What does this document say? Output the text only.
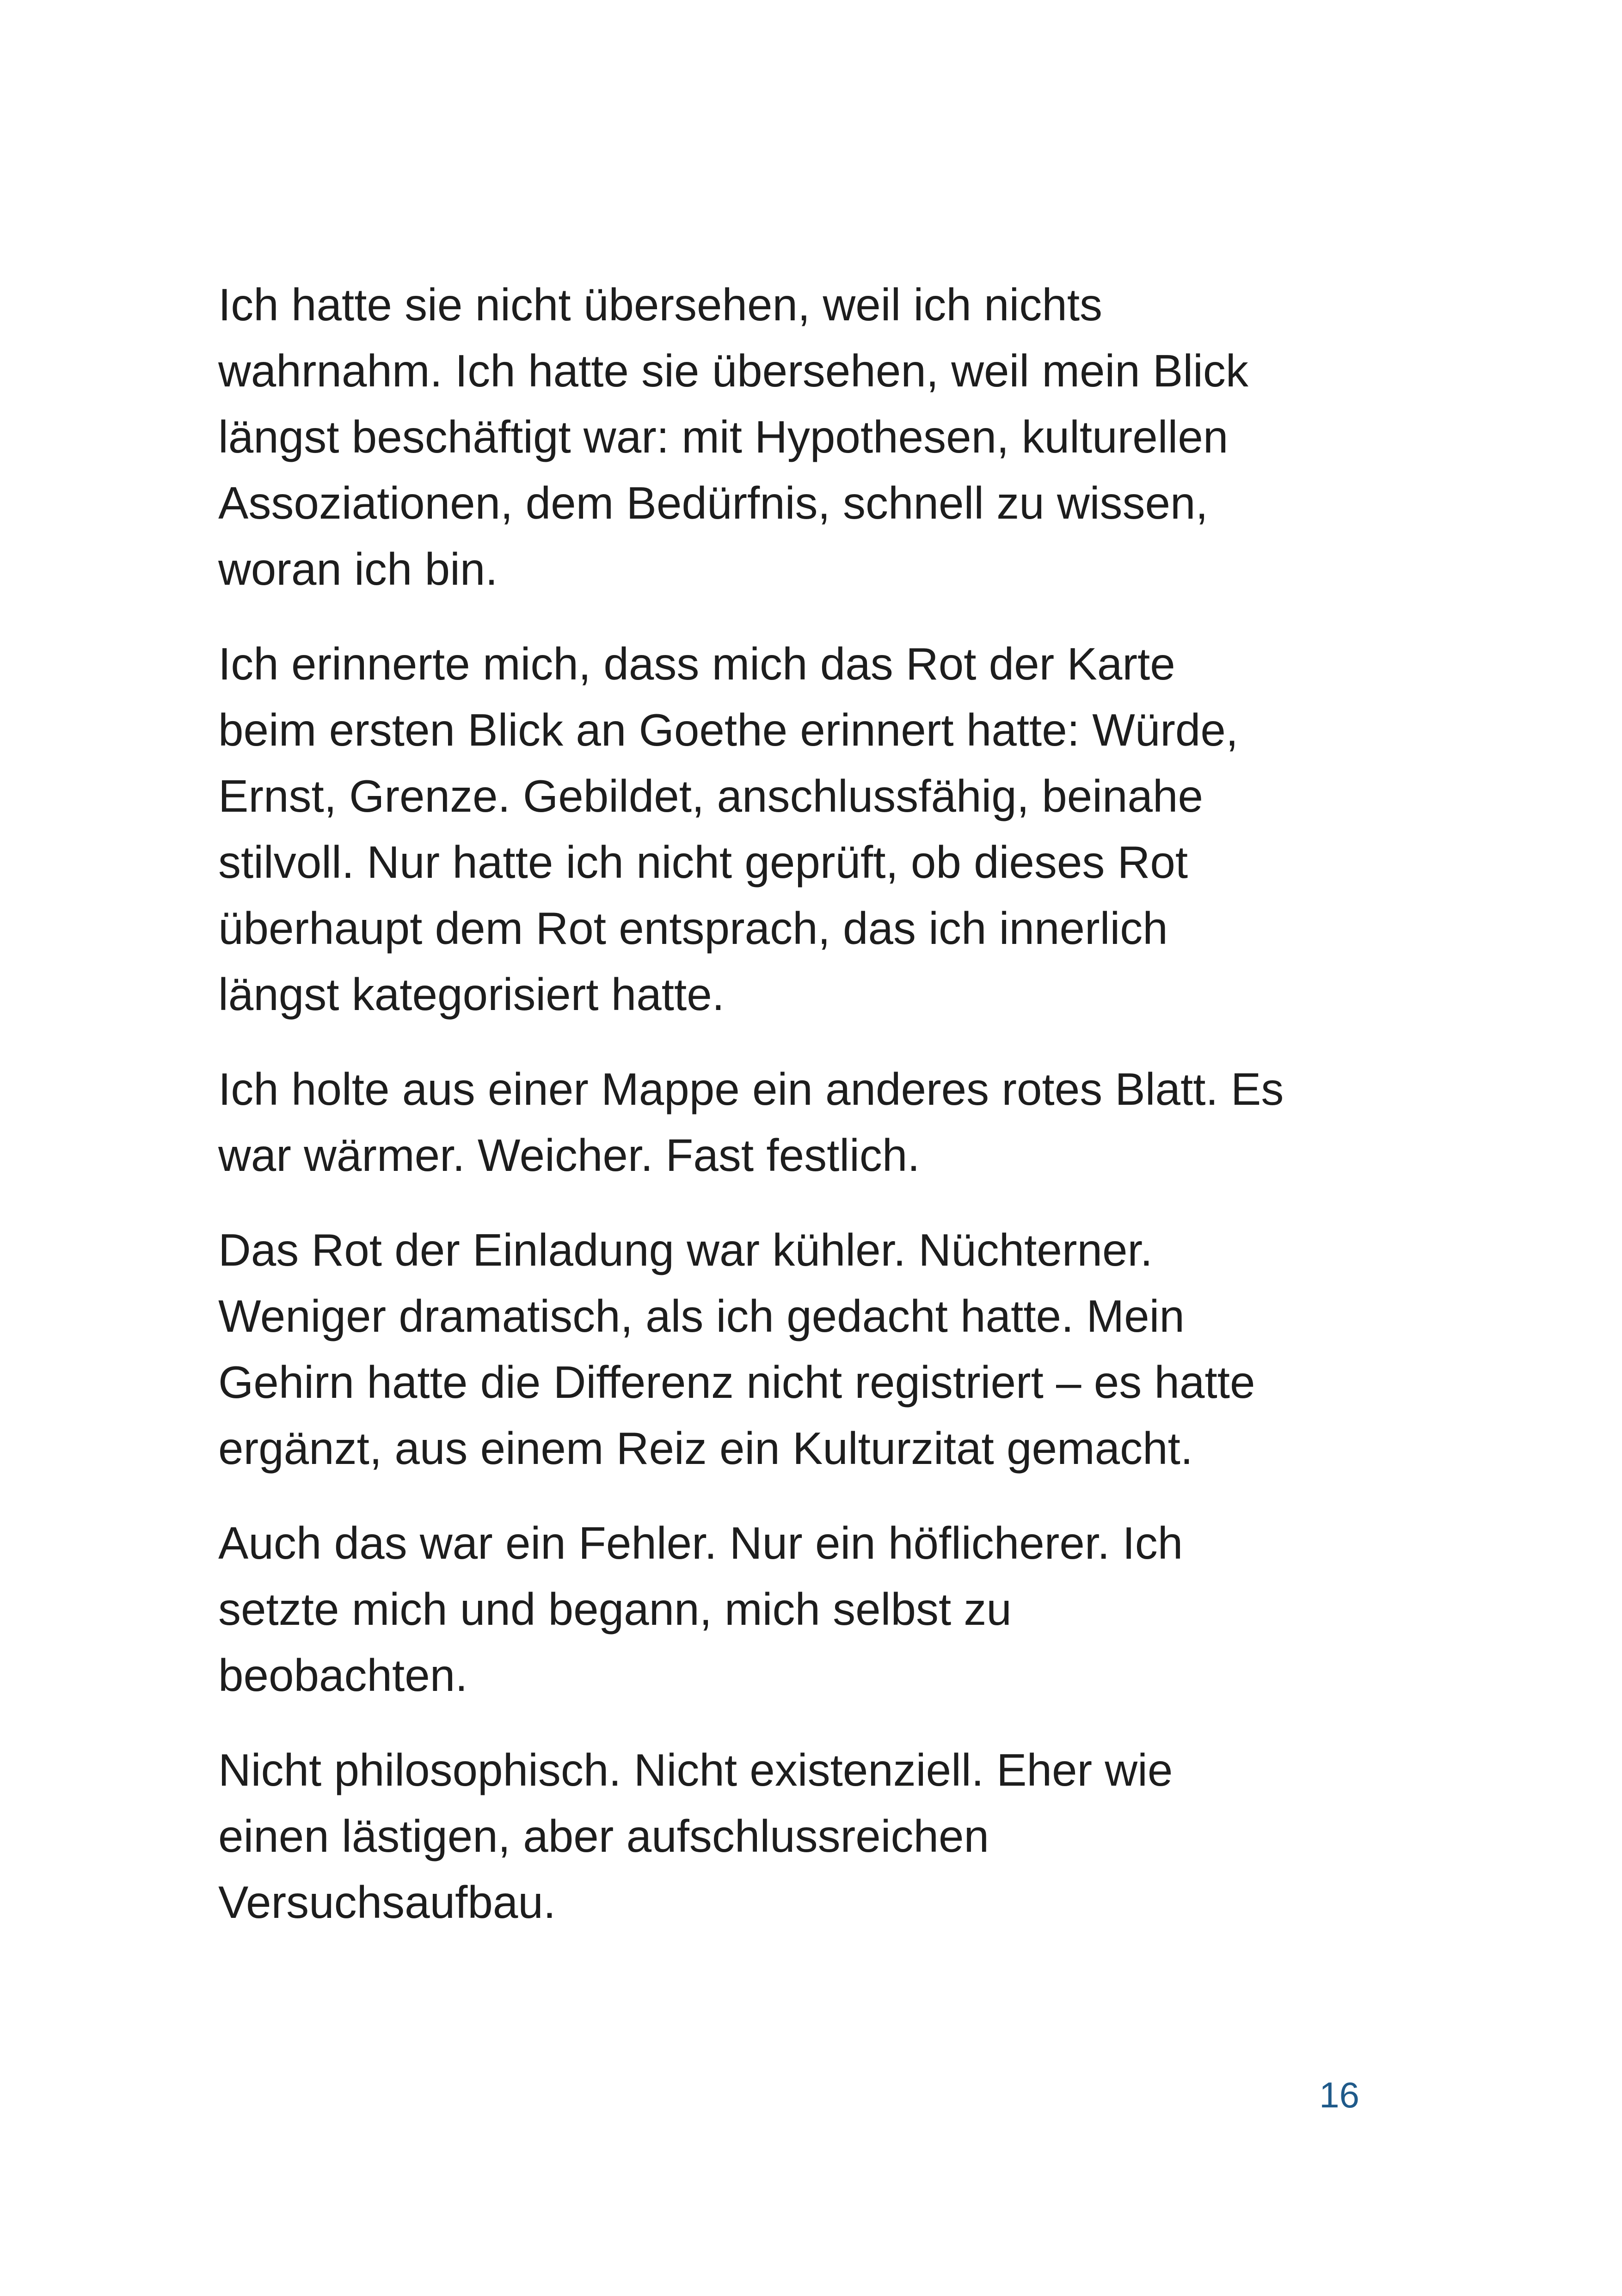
Ich hatte sie nicht übersehen, weil ich nichts
wahrnahm. Ich hatte sie übersehen, weil mein Blick
längst beschäftigt war: mit Hypothesen, kulturellen
Assoziationen, dem Bedürfnis, schnell zu wissen,
woran ich bin.

Ich erinnerte mich, dass mich das Rot der Karte
beim ersten Blick an Goethe erinnert hatte: Würde,
Ernst, Grenze. Gebildet, anschlussfähig, beinahe
stilvoll. Nur hatte ich nicht geprüft, ob dieses Rot
überhaupt dem Rot entsprach, das ich innerlich
längst kategorisiert hatte.

Ich holte aus einer Mappe ein anderes rotes Blatt. Es
war wärmer. Weicher. Fast festlich.

Das Rot der Einladung war kühler. Nüchterner.
Weniger dramatisch, als ich gedacht hatte. Mein
Gehirn hatte die Differenz nicht registriert – es hatte
ergänzt, aus einem Reiz ein Kulturzitat gemacht.

Auch das war ein Fehler. Nur ein höflicherer. Ich
setzte mich und begann, mich selbst zu
beobachten.

Nicht philosophisch. Nicht existenziell. Eher wie
einen lästigen, aber aufschlussreichen
Versuchsaufbau.

16
